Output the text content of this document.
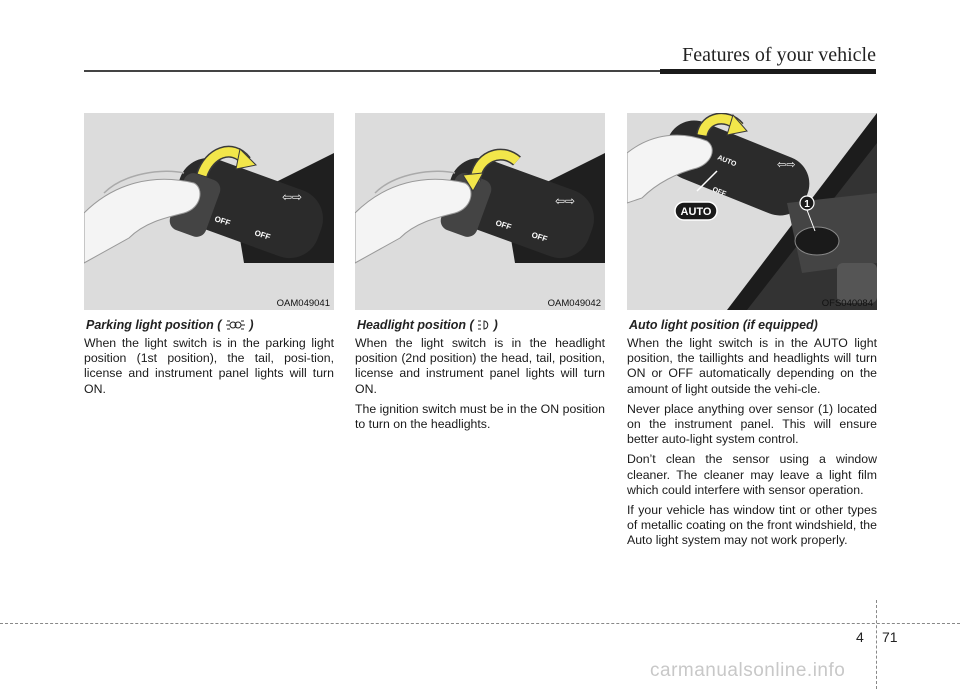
Features of your vehicle
OFF
OFF
⇦⇨
OAM049041
Parking light position ( )

When the light switch is in the parking light position (1st position), the tail, posi-tion, license and instrument panel lights will turn ON.

OFF
OFF
⇦⇨
OAM049042
Headlight position ( )

When the light switch is in the headlight position (2nd position) the head, tail, position, license and instrument panel lights will turn ON.

The ignition switch must be in the ON position to turn on the headlights.

AUTO
OFF
⇦⇨
AUTO
1
OFS040084
Auto light position (if equipped)

When the light switch is in the AUTO light position, the taillights and headlights will turn ON or OFF automatically depending on the amount of light outside the vehi-cle.

Never place anything over sensor (1) located on the instrument panel. This will ensure better auto-light system control.

Don’t clean the sensor using a window cleaner. The cleaner may leave a light film which could interfere with sensor operation.

If your vehicle has window tint or other types of metallic coating on the front windshield, the Auto light system may not work properly.

4 71
carmanualsonline.info
